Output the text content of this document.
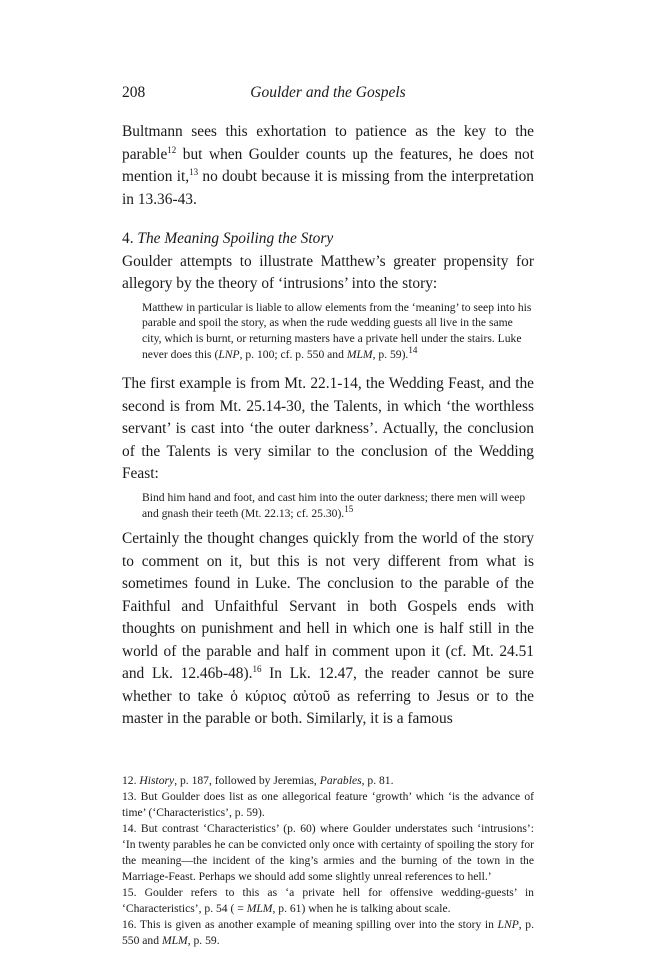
208	Goulder and the Gospels

Bultmann sees this exhortation to patience as the key to the parable$^{12}$ but when Goulder counts up the features, he does not mention it,$^{13}$ no doubt because it is missing from the interpretation in 13.36-43.

4. The Meaning Spoiling the Story

Goulder attempts to illustrate Matthew’s greater propensity for allegory by the theory of ‘intrusions’ into the story:

Matthew in particular is liable to allow elements from the ‘meaning’ to seep into his parable and spoil the story, as when the rude wedding guests all live in the same city, which is burnt, or returning masters have a private hell under the stairs. Luke never does this (LNP, p. 100; cf. p. 550 and MLM, p. 59).$^{14}$

The first example is from Mt. 22.1-14, the Wedding Feast, and the second is from Mt. 25.14-30, the Talents, in which ‘the worthless servant’ is cast into ‘the outer darkness’. Actually, the conclusion of the Talents is very similar to the conclusion of the Wedding Feast:

Bind him hand and foot, and cast him into the outer darkness; there men will weep and gnash their teeth (Mt. 22.13; cf. 25.30).$^{15}$

Certainly the thought changes quickly from the world of the story to comment on it, but this is not very different from what is sometimes found in Luke. The conclusion to the parable of the Faithful and Unfaithful Servant in both Gospels ends with thoughts on punishment and hell in which one is half still in the world of the parable and half in comment upon it (cf. Mt. 24.51 and Lk. 12.46b-48).$^{16}$ In Lk. 12.47, the reader cannot be sure whether to take ὁ κύριος αὐτοῦ as referring to Jesus or to the master in the parable or both. Similarly, it is a famous

12. History, p. 187, followed by Jeremias, Parables, p. 81.

13. But Goulder does list as one allegorical feature ‘growth’ which ‘is the advance of time’ (‘Characteristics’, p. 59).

14. But contrast ‘Characteristics’ (p. 60) where Goulder understates such ‘intrusions’: ‘In twenty parables he can be convicted only once with certainty of spoiling the story for the meaning—the incident of the king’s armies and the burning of the town in the Marriage-Feast. Perhaps we should add some slightly unreal references to hell.’

15. Goulder refers to this as ‘a private hell for offensive wedding-guests’ in ‘Characteristics’, p. 54 ( = MLM, p. 61) when he is talking about scale.

16. This is given as another example of meaning spilling over into the story in LNP, p. 550 and MLM, p. 59.
